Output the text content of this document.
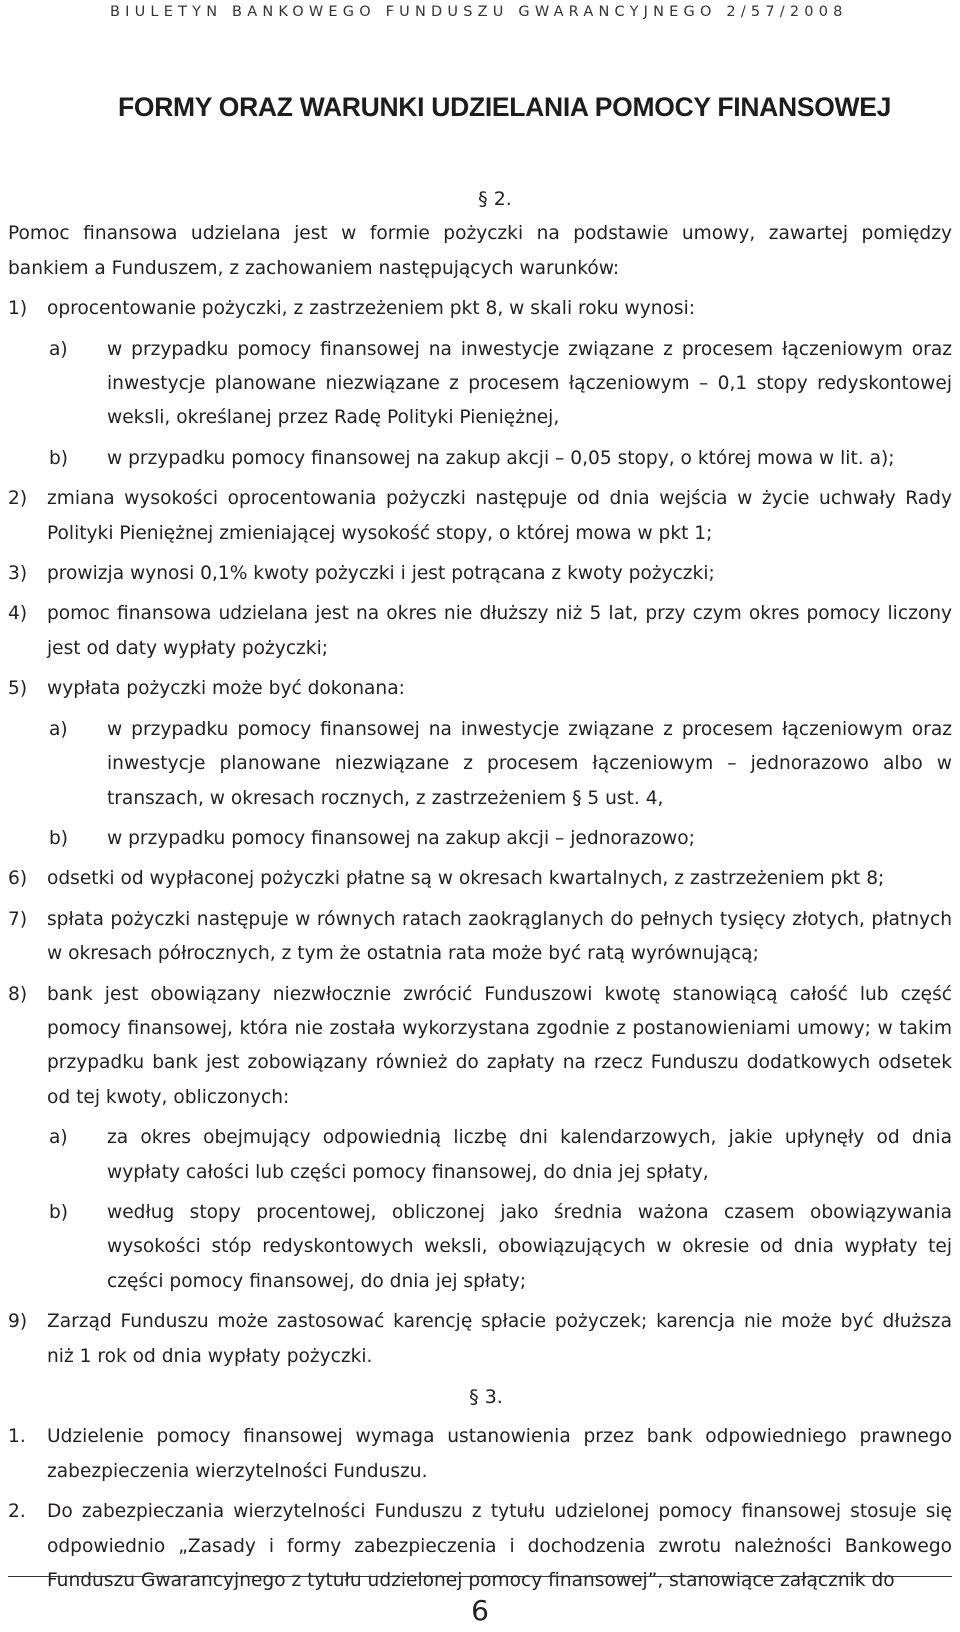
BIULETYN BANKOWEGO FUNDUSZU GWARANCYJNEGO 2/57/2008
FORMY ORAZ WARUNKI UDZIELANIA POMOCY FINANSOWEJ
§ 2.

Pomoc finansowa udzielana jest w formie pożyczki na podstawie umowy, zawartej pomiędzy bankiem a Funduszem, z zachowaniem następujących warunków:

1)	oprocentowanie pożyczki, z zastrzeżeniem pkt 8, w skali roku wynosi:
a)	w przypadku pomocy finansowej na inwestycje związane z procesem łączeniowym oraz inwestycje planowane niezwiązane z procesem łączeniowym – 0,1 stopy redyskontowej weksli, określanej przez Radę Polityki Pieniężnej,
b)	w przypadku pomocy finansowej na zakup akcji – 0,05 stopy, o której mowa w lit. a);
2)	zmiana wysokości oprocentowania pożyczki następuje od dnia wejścia w życie uchwały Rady Polityki Pieniężnej zmieniającej wysokość stopy, o której mowa w pkt 1;
3)	prowizja wynosi 0,1% kwoty pożyczki i jest potrącana z kwoty pożyczki;
4)	pomoc finansowa udzielana jest na okres nie dłuższy niż 5 lat, przy czym okres pomocy liczony jest od daty wypłaty pożyczki;
5)	wypłata pożyczki może być dokonana:
a)	w przypadku pomocy finansowej na inwestycje związane z procesem łączeniowym oraz inwestycje planowane niezwiązane z procesem łączeniowym – jednorazowo albo w transzach, w okresach rocznych, z zastrzeżeniem § 5 ust. 4,
b)	w przypadku pomocy finansowej na zakup akcji – jednorazowo;
6)	odsetki od wypłaconej pożyczki płatne są w okresach kwartalnych, z zastrzeżeniem pkt 8;
7)	spłata pożyczki następuje w równych ratach zaokrąglanych do pełnych tysięcy złotych, płatnych w okresach półrocznych, z tym że ostatnia rata może być ratą wyrównującą;
8)	bank jest obowiązany niezwłocznie zwrócić Funduszowi kwotę stanowiącą całość lub część pomocy finansowej, która nie została wykorzystana zgodnie z postanowieniami umowy; w takim przypadku bank jest zobowiązany również do zapłaty na rzecz Funduszu dodatkowych odsetek od tej kwoty, obliczonych:
a)	za okres obejmujący odpowiednią liczbę dni kalendarzowych, jakie upłynęły od dnia wypłaty całości lub części pomocy finansowej, do dnia jej spłaty,
b)	według stopy procentowej, obliczonej jako średnia ważona czasem obowiązywania wysokości stóp redyskontowych weksli, obowiązujących w okresie od dnia wypłaty tej części pomocy finansowej, do dnia jej spłaty;
9)	Zarząd Funduszu może zastosować karencję spłacie pożyczek; karencja nie może być dłuższa niż 1 rok od dnia wypłaty pożyczki.
§ 3.
1.	Udzielenie pomocy finansowej wymaga ustanowienia przez bank odpowiedniego prawnego zabezpieczenia wierzytelności Funduszu.
2.	Do zabezpieczania wierzytelności Funduszu z tytułu udzielonej pomocy finansowej stosuje się odpowiednio „Zasady i formy zabezpieczenia i dochodzenia zwrotu należności Bankowego Funduszu Gwarancyjnego z tytułu udzielonej pomocy finansowej”, stanowiące załącznik do
6
